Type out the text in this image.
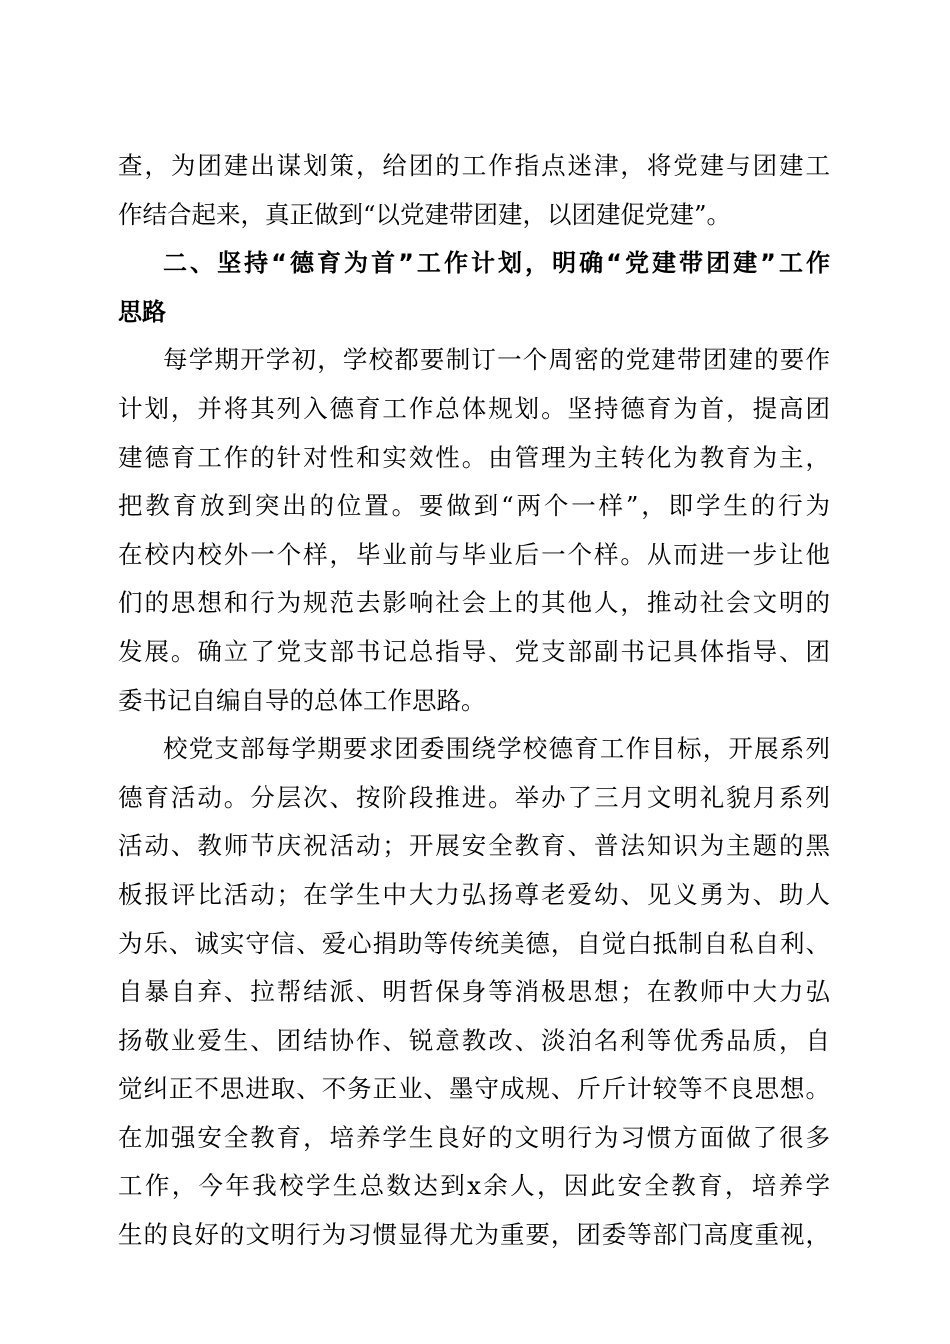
查，为团建出谋划策，给团的工作指点迷津，将党建与团建工
作结合起来，真正做到“以党建带团建，以团建促党建”。
二、坚持“德育为首”工作计划，明确“党建带团建”工作
思路
每学期开学初，学校都要制订一个周密的党建带团建的要作
计划，并将其列入德育工作总体规划。坚持德育为首，提高团
建德育工作的针对性和实效性。由管理为主转化为教育为主，
把教育放到突出的位置。要做到“两个一样”，即学生的行为
在校内校外一个样，毕业前与毕业后一个样。从而进一步让他
们的思想和行为规范去影响社会上的其他人，推动社会文明的
发展。确立了党支部书记总指导、党支部副书记具体指导、团
委书记自编自导的总体工作思路。
校党支部每学期要求团委围绕学校德育工作目标，开展系列
德育活动。分层次、按阶段推进。举办了三月文明礼貌月系列
活动、教师节庆祝活动；开展安全教育、普法知识为主题的黑
板报评比活动；在学生中大力弘扬尊老爱幼、见义勇为、助人
为乐、诚实守信、爱心捐助等传统美德，自觉白抵制自私自利、
自暴自弃、拉帮结派、明哲保身等消极思想；在教师中大力弘
扬敬业爱生、团结协作、锐意教改、淡泊名利等优秀品质，自
觉纠正不思进取、不务正业、墨守成规、斤斤计较等不良思想。
在加强安全教育，培养学生良好的文明行为习惯方面做了很多
工作，今年我校学生总数达到x余人，因此安全教育，培养学
生的良好的文明行为习惯显得尤为重要，团委等部门高度重视，
